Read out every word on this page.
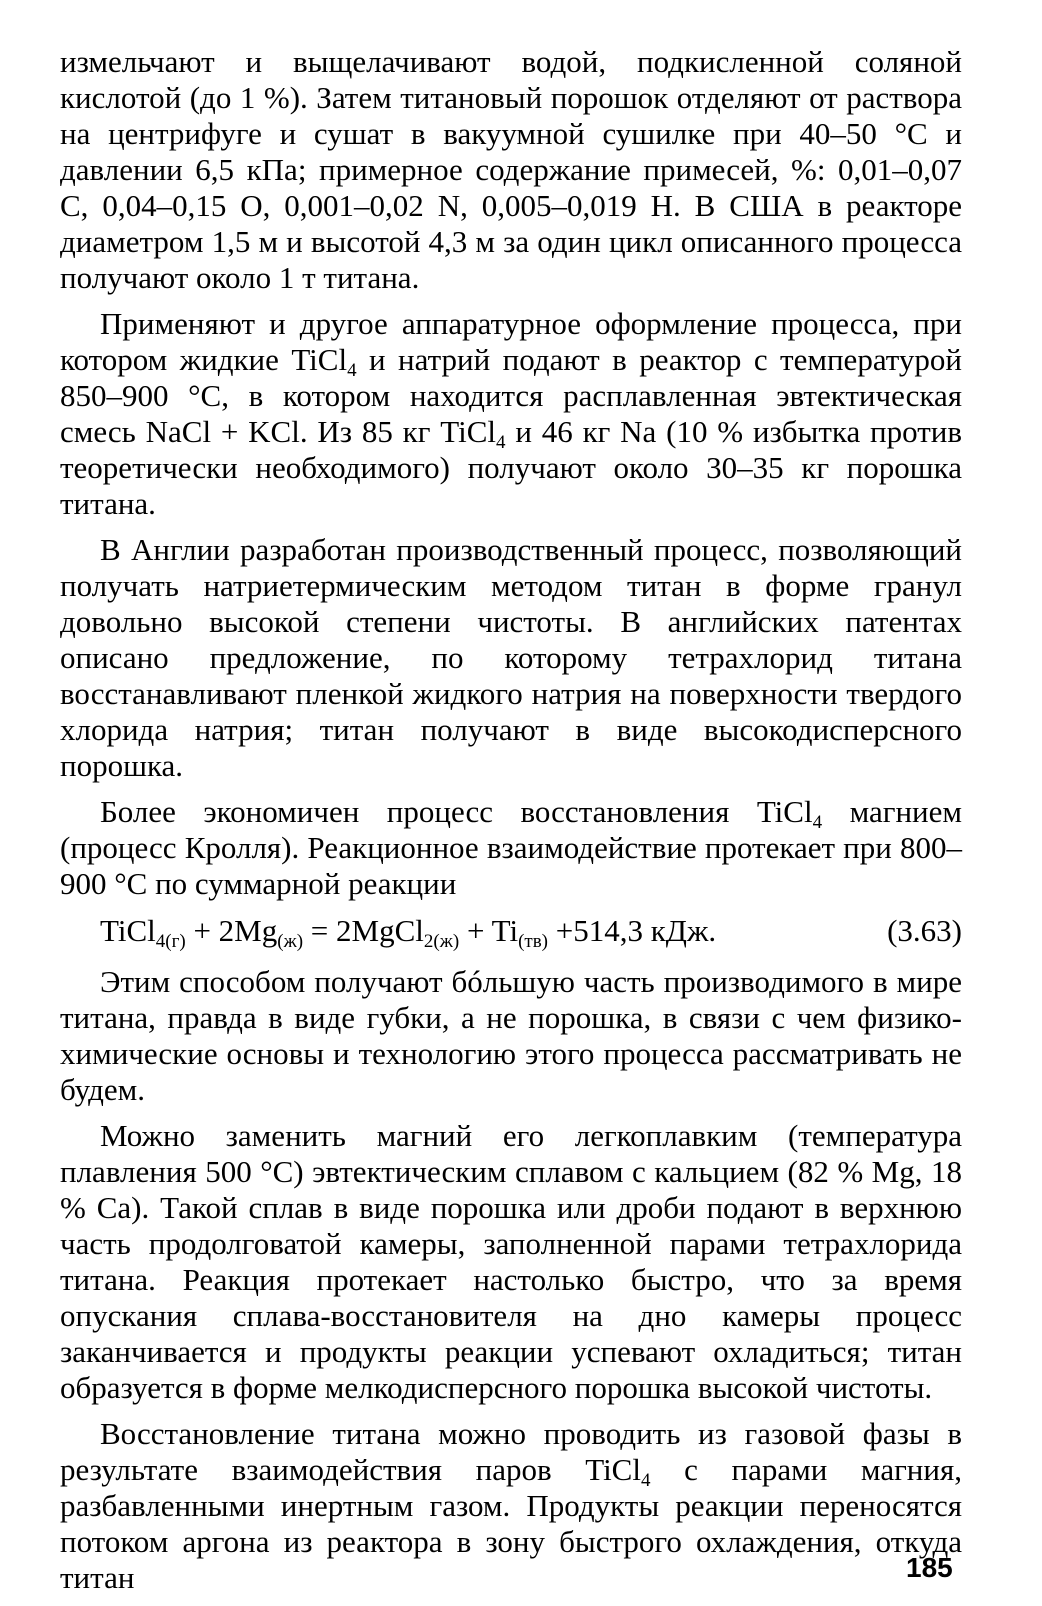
измельчают и выщелачивают водой, подкисленной соляной кислотой (до 1 %). Затем титановый порошок отделяют от раствора на центрифуге и сушат в вакуумной сушилке при 40–50 °С и давлении 6,5 кПа; примерное содержание примесей, %: 0,01–0,07 С, 0,04–0,15 О, 0,001–0,02 N, 0,005–0,019 Н. В США в реакторе диаметром 1,5 м и высотой 4,3 м за один цикл описанного процесса получают около 1 т титана.

Применяют и другое аппаратурное оформление процесса, при котором жидкие TiCl$_4$ и натрий подают в реактор с температурой 850–900 °С, в котором находится расплавленная эвтектическая смесь NaCl + KCl. Из 85 кг TiCl$_4$ и 46 кг Na (10 % избытка против теоретически необходимого) получают около 30–35 кг порошка титана.

В Англии разработан производственный процесс, позволяющий получать натриетермическим методом титан в форме гранул довольно высокой степени чистоты. В английских патентах описано предложение, по которому тетрахлорид титана восстанавливают пленкой жидкого натрия на поверхности твердого хлорида натрия; титан получают в виде высокодисперсного порошка.

Более экономичен процесс восстановления TiCl$_4$ магнием (процесс Кролля). Реакционное взаимодействие протекает при 800–900 °С по суммарной реакции

TiCl$_{4(г)}$ + $2Mg_{(ж)}$ = 2MgCl$_{2(ж)}$ + $Ti_{(тв)} +514,3$ кДж.	(3.63)

Этим способом получают бóльшую часть производимого в мире титана, правда в виде губки, а не порошка, в связи с чем физико-химические основы и технологию этого процесса рассматривать не будем.

Можно заменить магний его легкоплавким (температура плавления 500 °С) эвтектическим сплавом с кальцием (82 % Mg, 18 % Ca). Такой сплав в виде порошка или дроби подают в верхнюю часть продолговатой камеры, заполненной парами тетрахлорида титана. Реакция протекает настолько быстро, что за время опускания сплава-восстановителя на дно камеры процесс заканчивается и продукты реакции успевают охладиться; титан образуется в форме мелкодисперсного порошка высокой чистоты.

Восстановление титана можно проводить из газовой фазы в результате взаимодействия паров TiCl$_4$ с парами магния, разбавленными инертным газом. Продукты реакции переносятся потоком аргона из реактора в зону быстрого охлаждения, откуда титан	185
